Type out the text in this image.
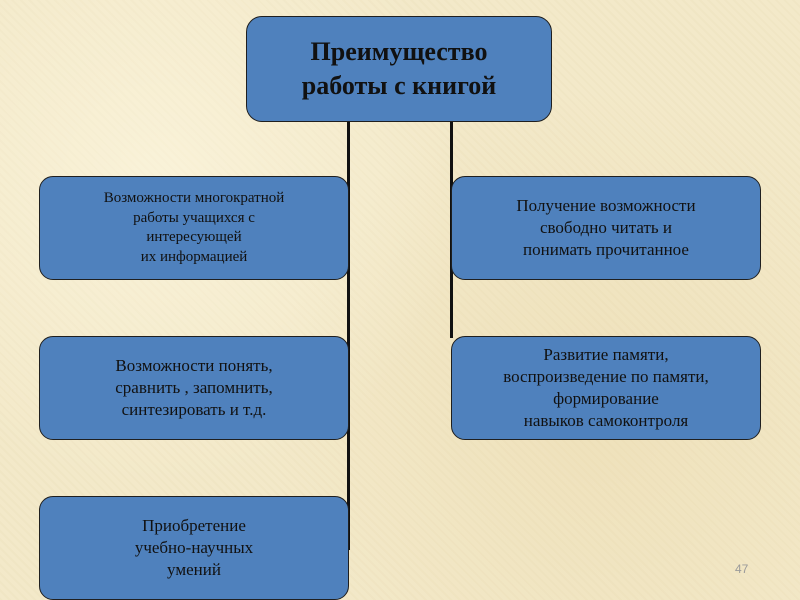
Преимущество
работы с книгой
Возможности многократной
работы учащихся с
интересующей
их информацией
Возможности понять,
сравнить , запомнить,
синтезировать и т.д.
Приобретение
учебно-научных
умений
Получение возможности
свободно читать и
понимать прочитанное
Развитие памяти,
воспроизведение по памяти,
формирование
навыков самоконтроля
47
